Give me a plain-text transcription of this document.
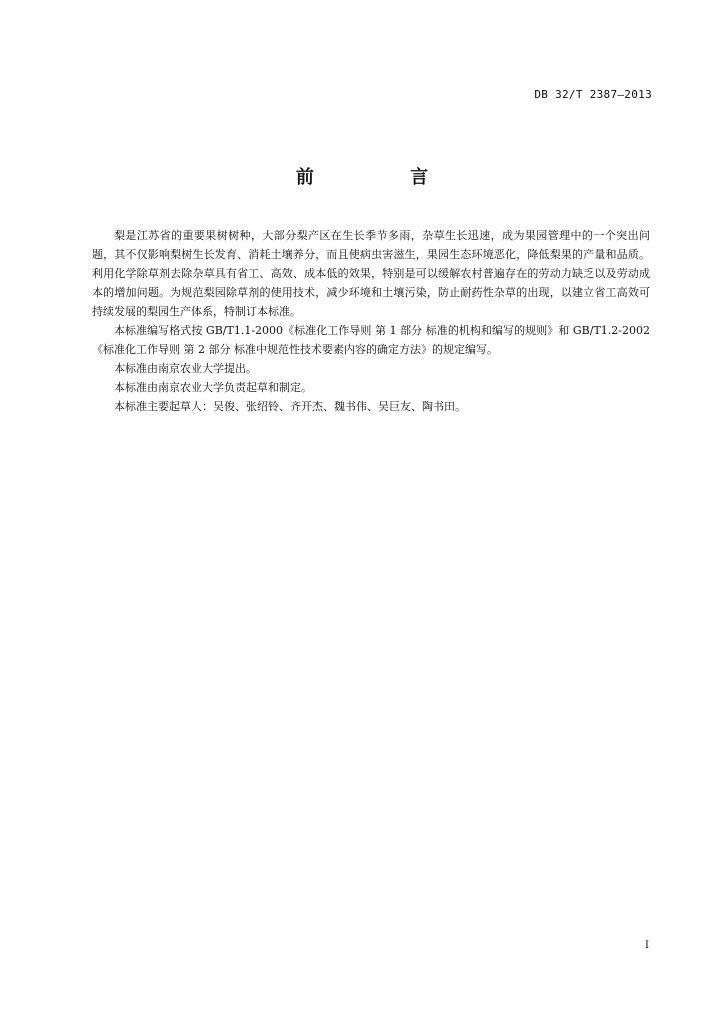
DB 32/T 2387—2013
前 言

梨是江苏省的重要果树树种，大部分梨产区在生长季节多雨，杂草生长迅速，成为果园管理中的一个突出问题，其不仅影响梨树生长发育、消耗土壤养分，而且使病虫害滋生，果园生态环境恶化，降低梨果的产量和品质。利用化学除草剂去除杂草具有省工、高效、成本低的效果，特别是可以缓解农村普遍存在的劳动力缺乏以及劳动成本的增加问题。为规范梨园除草剂的使用技术，减少环境和土壤污染，防止耐药性杂草的出现，以建立省工高效可持续发展的梨园生产体系，特制订本标准。

本标准编写格式按 GB/T1.1-2000《标准化工作导则 第 1 部分 标准的机构和编写的规则》和 GB/T1.2-2002 《标准化工作导则 第 2 部分 标准中规范性技术要素内容的确定方法》的规定编写。

本标准由南京农业大学提出。

本标准由南京农业大学负责起草和制定。

本标准主要起草人：吴俊、张绍铃、齐开杰、魏书伟、吴巨友、陶书田。

I
